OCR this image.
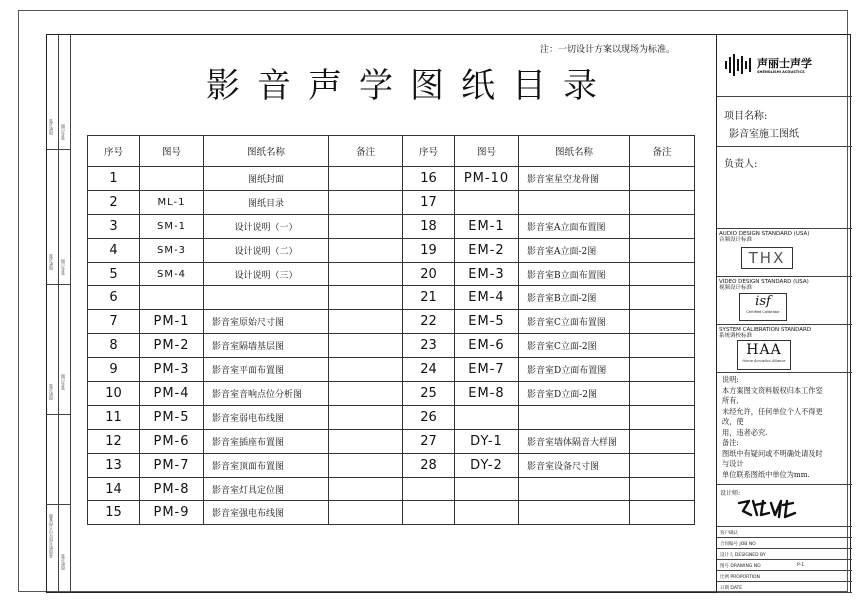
图纸会签 签名日期
图纸会签 签名日期
图纸会签
签名日期
本图纸未经许可不得复制
图纸会签
注：一切设计方案以现场为标准。
影音声学图纸目录
序号	图号	图纸名称	备注	序号	图号	图纸名称	备注
1		图纸封面		16	PM-10	影音室星空龙骨图	
2	ML-1	图纸目录		17			
3	SM-1	设计说明（一）		18	EM-1	影音室A立面布置图	
4	SM-3	设计说明（二）		19	EM-2	影音室A立面-2图	
5	SM-4	设计说明（三）		20	EM-3	影音室B立面布置图	
6				21	EM-4	影音室B立面-2图	
7	PM-1	影音室原始尺寸图		22	EM-5	影音室C立面布置图	
8	PM-2	影音室隔墙基层图		23	EM-6	影音室C立面-2图	
9	PM-3	影音室平面布置图		24	EM-7	影音室D立面布置图	
10	PM-4	影音室音响点位分析图		25	EM-8	影音室D立面-2图	
11	PM-5	影音室弱电布线图		26			
12	PM-6	影音室插座布置图		27	DY-1	影音室墙体隔音大样图	
13	PM-7	影音室顶面布置图		28	DY-2	影音室设备尺寸图	
14	PM-8	影音室灯具定位图					
15	PM-9	影音室强电布线图					
声丽士声学
SHENGLISHI ACOUSTICS
项目名称:
影音室施工图纸
负责人:
AUDIO DESIGN STANDARD (USA)
音频设计标准
THX
VIDEO DESIGN STANDARD (USA)
视频设计标准
isf
Certified Calibrator
SYSTEM CALIBRATION STANDARD
系统调校标准
HAA
Home Acoustics Alliance
说明:
本方案图文资料版权归本工作室
所有,
未经允许，任何单位个人不得更
改，使
用，违者必究.
备注:
图纸中有疑问或不明确处请及时
与设计
单位联系图纸中单位为mm.
设计师:
客户确认
合同编号 JOB NO
设计人 DESIGNED BY
图号 DRAWING NO	P-1
比例 PROPORTION
日期 DATE
